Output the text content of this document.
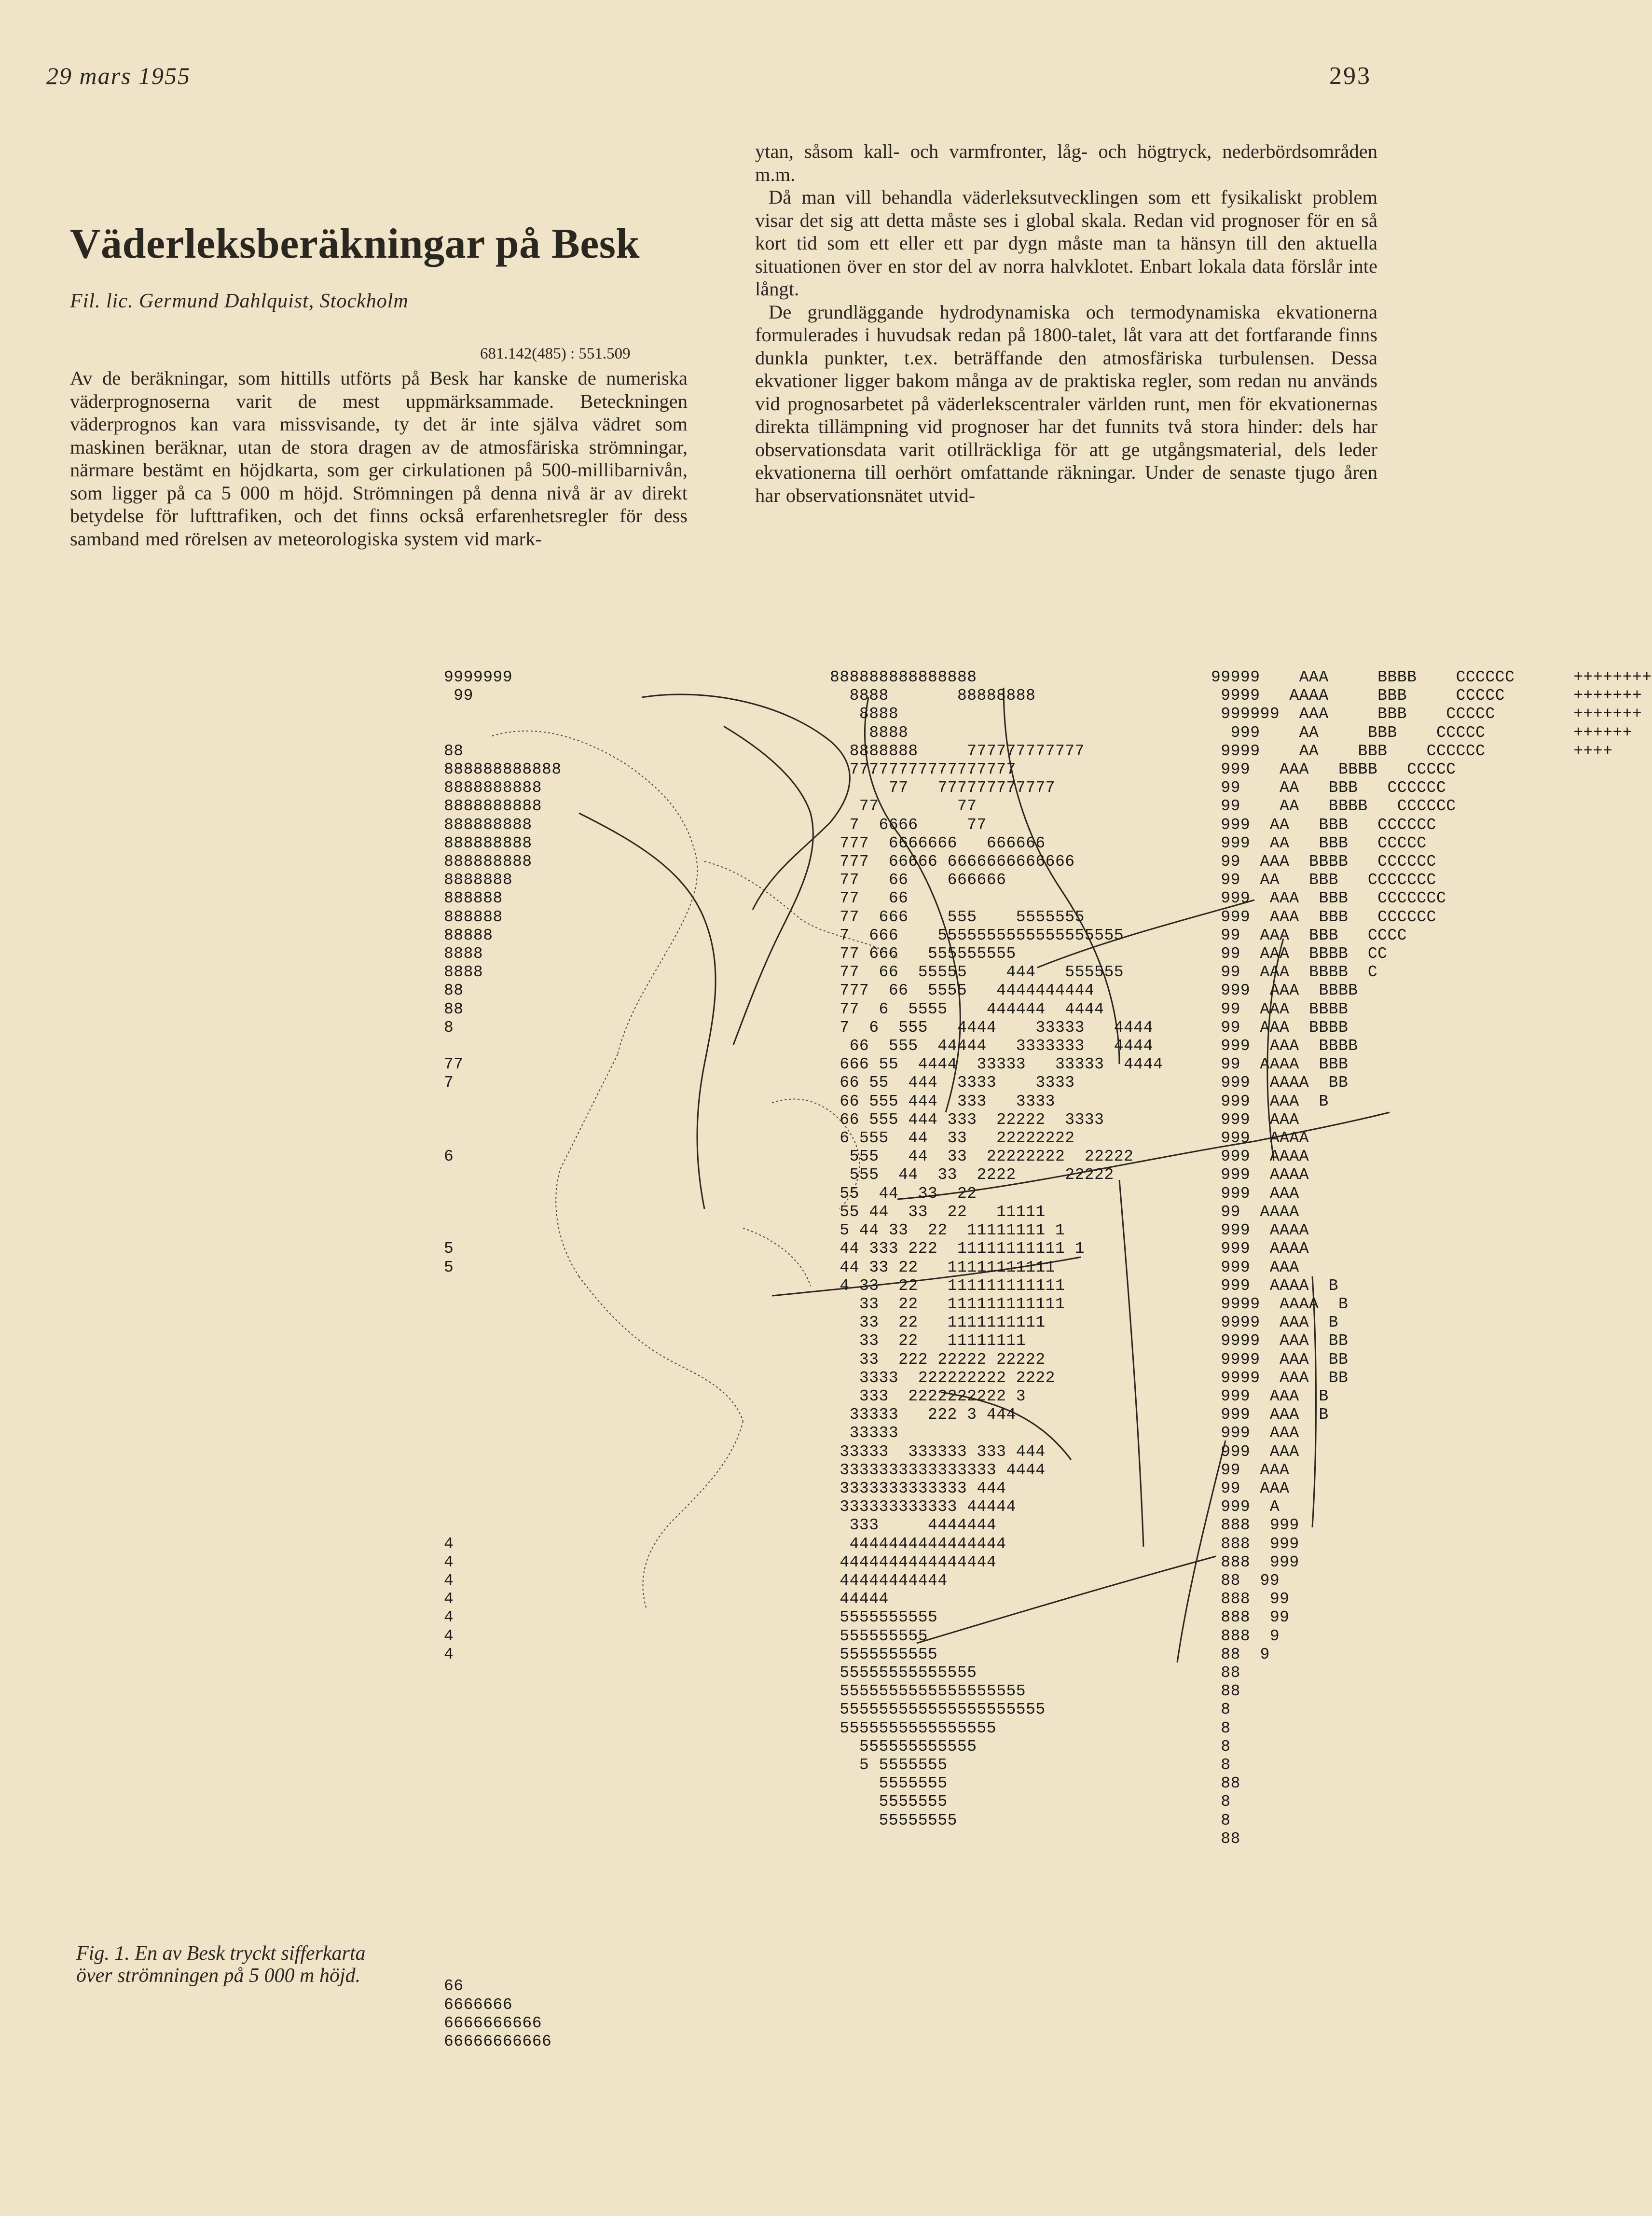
29 mars 1955	293
Väderleksberäkningar på Besk
Fil. lic. Germund Dahlquist, Stockholm
681.142(485) : 551.509

Av de beräkningar, som hittills utförts på Besk har kanske de numeriska väderprognoserna varit de mest uppmärksammade. Beteckningen väderprognos kan vara missvisande, ty det är inte själva vädret som maskinen beräknar, utan de stora dragen av de atmosfäriska strömningar, närmare bestämt en höjdkarta, som ger cirkulationen på 500-millibarnivån, som ligger på ca 5 000 m höjd. Strömningen på denna nivå är av direkt betydelse för lufttrafiken, och det finns också erfarenhetsregler för dess samband med rörelsen av meteorologiska system vid mark-

ytan, såsom kall- och varmfronter, låg- och högtryck, nederbördsområden m.m.

Då man vill behandla väderleksutvecklingen som ett fysikaliskt problem visar det sig att detta måste ses i global skala. Redan vid prognoser för en så kort tid som ett eller ett par dygn måste man ta hänsyn till den aktuella situationen över en stor del av norra halvklotet. Enbart lokala data förslår inte långt.

De grundläggande hydrodynamiska och termodynamiska ekvationerna formulerades i huvudsak redan på 1800-talet, låt vara att det fortfarande finns dunkla punkter, t.ex. beträffande den atmosfäriska turbulensen. Dessa ekvationer ligger bakom många av de praktiska regler, som redan nu används vid prognosarbetet på väderlekscentraler världen runt, men för ekvationernas direkta tillämpning vid prognoser har det funnits två stora hinder: dels har observationsdata varit otillräckliga för att ge utgångsmaterial, dels leder ekvationerna till oerhört omfattande räkningar. Under de senaste tjugo åren har observationsnätet utvid-

9999999
99

88
888888888888
8888888888
8888888888
888888888
888888888
888888888
8888888
888888
888888
88888
8888
8888
88
88
8

77
7

6

5
5

4
4
4
4
4
4
4

66
6666666
6666666666
66666666666
888888888888888
8888       88888888
8888
8888
8888888     777777777777
77777777777777777
77   777777777777
77        77
7  6666     77
777  6666666   666666
777  66666 6666666666666
77   66    666666
77   66
77  666    555    5555555
7  666    5555555555555555555
77 666   555555555
77  66  55555    444   555555
777  66  5555   4444444444
77  6  5555    444444  4444
7  6  555   4444    33333   4444
66  555  44444   3333333   4444
666 55  4444  33333   33333  4444
66 55  444  3333    3333
66 555 444  333   3333
66 555 444 333  22222  3333
6 555  44  33   22222222
555   44  33  22222222  22222
555  44  33  2222     22222
55  44  33  22
55 44  33  22   11111
5 44 33  22  11111111 1
44 333 222  11111111111 1
44 33 22   11111111111
4 33  22   111111111111
33  22   111111111111
33  22   1111111111
33  22   11111111
33  222 22222 22222
3333  222222222 2222
333  2222222222 3
33333   222 3 444
33333
33333  333333 333 444
3333333333333333 4444
3333333333333 444
333333333333 44444
333     4444444
4444444444444444
4444444444444444
44444444444
44444
5555555555
555555555
5555555555
55555555555555
5555555555555555555
555555555555555555555
5555555555555555
555555555555
5 5555555
5555555
5555555
55555555
99999    AAA     BBBB    CCCCCC      ++++++++
9999   AAAA     BBB     CCCCC       +++++++
999999  AAA     BBB    CCCCC        +++++++
999    AA     BBB    CCCCC         ++++++
9999    AA    BBB    CCCCCC         ++++
999   AAA   BBBB   CCCCC
99    AA   BBB   CCCCCC
99    AA   BBBB   CCCCCC
999  AA   BBB   CCCCCC
999  AA   BBB   CCCCC
99  AAA  BBBB   CCCCCC
99  AA   BBB   CCCCCCC
999  AAA  BBB   CCCCCCC
999  AAA  BBB   CCCCCC
99  AAA  BBB   CCCC
99  AAA  BBBB  CC
99  AAA  BBBB  C
999  AAA  BBBB
99  AAA  BBBB
99  AAA  BBBB
999  AAA  BBBB
99  AAAA  BBB
999  AAAA  BB
999  AAA  B
999  AAA
999  AAAA
999  AAAA
999  AAAA
999  AAA
99  AAAA
999  AAAA
999  AAAA
999  AAA
999  AAAA  B
9999  AAAA  B
9999  AAA  B
9999  AAA  BB
9999  AAA  BB
9999  AAA  BB
999  AAA  B
999  AAA  B
999  AAA
999  AAA
99  AAA
99  AAA
999  A
888  999
888  999
888  999
88  99
888  99
888  99
888  9
88  9
88
88
8
8
8
8
88
8
8
88
Fig. 1. En av Besk tryckt sifferkarta över strömningen på 5 000 m höjd.
